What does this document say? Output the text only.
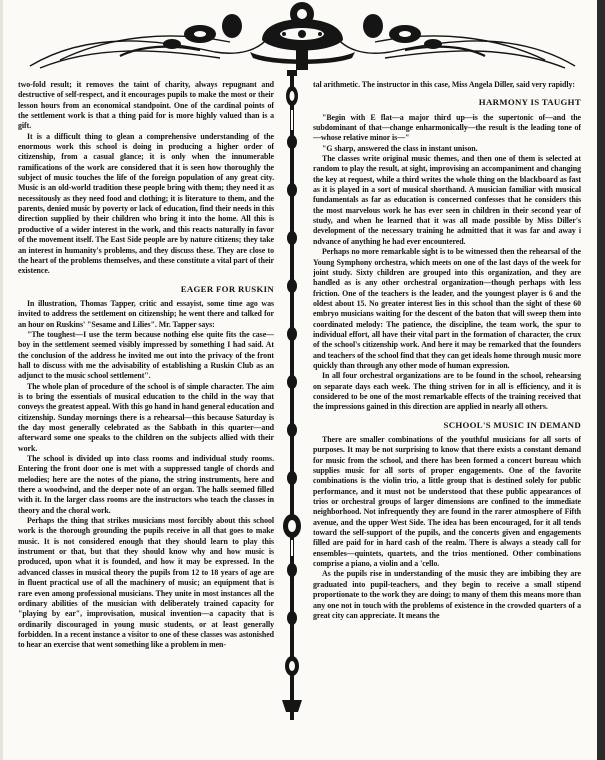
two-fold result; it removes the taint of charity, always repugnant and destructive of self-respect, and it encourages pupils to make the most or their lesson hours from an economical standpoint. One of the cardinal points of the settlement work is that a thing paid for is more highly valued than is a gift.

It is a difficult thing to glean a comprehensive understanding of the enormous work this school is doing in producing a higher order of citizenship, from a casual glance; it is only when the innumerable ramifications of the work are considered that it is seen how thoroughly the subject of music touches the life of the foreign population of any great city. Music is an old-world tradition these people bring with them; they need it as necessitously as they need food and clothing; it is literature to them, and the parents, denied music by poverty or lack of education, find their needs in this direction supplied by their children who bring it into the home. All this is productive of a wider interest in the work, and this reacts naturally in favor of the movement itself. The East Side people are by nature citizens; they take an interest in humanity's problems, and they discuss these. They are close to the heart of the problems themselves, and these constitute a vital part of their existence.

EAGER FOR RUSKIN

In illustration, Thomas Tapper, critic and essayist, some time ago was invited to address the settlement on citizenship; he went there and talked for an hour on Ruskins' "Sesame and Lilies". Mr. Tapper says:

"The toughest—I use the term because nothing else quite fits the case—boy in the settlement seemed visibly impressed by something I had said. At the conclusion of the address he invited me out into the privacy of the front hall to discuss with me the advisability of establishing a Ruskin Club as an adjunct to the music school settlement".

The whole plan of procedure of the school is of simple character. The aim is to bring the essentials of musical education to the child in the way that conveys the greatest appeal. With this go hand in hand general education and citizenship. Sunday mornings there is a rehearsal—this because Saturday is the day most generally celebrated as the Sabbath in this quarter—and afterward some one speaks to the children on the subjects allied with their work.

The school is divided up into class rooms and individual study rooms. Entering the front door one is met with a suppressed tangle of chords and melodies; here are the notes of the piano, the string instruments, here and there a woodwind, and the deeper note of an organ. The halls seemed filled with it. In the larger class rooms are the instructors who teach the classes in theory and the choral work.

Perhaps the thing that strikes musicians most forcibly about this school work is the thorough grounding the pupils receive in all that goes to make music. It is not considered enough that they should learn to play this instrument or that, but that they should know why and how music is produced, upon what it is founded, and how it may be expressed. In the advanced classes in musical theory the pupils from 12 to 18 years of age are in fluent practical use of all the machinery of music; an equipment that is rare even among professional musicians. They unite in most instances all the ordinary abilities of the musician with deliberately trained capacity for "playing by ear", improvisation, musical invention—a capacity that is ordinarily discouraged in young music students, or at least generally forbidden. In a recent instance a visitor to one of these classes was astonished to hear an exercise that went something like a problem in men-

tal arithmetic. The instructor in this case, Miss Angela Diller, said very rapidly:

HARMONY IS TAUGHT

"Begin with E flat—a major third up—is the supertonic of—and the subdominant of that—change enharmonically—the result is the leading tone of—whose relative minor is—"

"G sharp, answered the class in instant unison.

The classes write original music themes, and then one of them is selected at random to play the result, at sight, improvising an accompaniment and changing the key at request, while a third writes the whole thing on the blackboard as fast as it is played in a sort of musical shorthand. A musician familiar with musical fundamentals as far as education is concerned confesses that he considers this the most marvelous work he has ever seen in children in their second year of study, and when he learned that it was all made possible by Miss Diller's development of the necessary training he admitted that it was far and away i ndvance of anything he had ever encountered.

Perhaps no more remarkable sight is to be witnessed then the rehearsal of the Young Symphony orchestra, which meets on one of the last days of the week for joint study. Sixty children are grouped into this organization, and they are handled as is any other orchestral organization—though perhaps with less friction. One of the teachers is the leader, and the youngest player is 6 and the oldest about 15. No greater interest lies in this school than the sight of these 60 embryo musicians waiting for the descent of the baton that will sweep them into coordinated melody: The patience, the discipline, the team work, the spur to individual effort, all have their vital part in the formation of character, the crux of the school's citizenship work. And here it may be remarked that the founders and teachers of the school find that they can get ideals home through music more quickly than through any other mode of human expression.

In all four orchestral organizations are to be found in the school, rehearsing on separate days each week. The thing striven for in all is efficiency, and it is considered to be one of the most remarkable effects of the training received that the impressions gained in this direction are applied in nearly all others.

SCHOOL'S MUSIC IN DEMAND

There are smaller combinations of the youthful musicians for all sorts of purposes. It may be not surprising to know that there exists a constant demand for music from the school, and there has been formed a concert bureau which supplies music for all sorts of proper engagements. One of the favorite combinations is the violin trio, a little group that is destined solely for public performance, and it must not be understood that these public appearances of trios or orchestral groups of larger dimensions are confined to the immediate neighborhood. Not infrequently they are found in the rarer atmosphere of Fifth avenue, and the upper West Side. The idea has been encouraged, for it all tends toward the self-support of the pupils, and the concerts given and engagements filled are paid for in hard cash of the realm. There is always a steady call for ensembles—quintets, quartets, and the trios mentioned. Other combinations comprise a piano, a violin and a 'cello.

As the pupils rise in understanding of the music they are imbibing they are graduated into pupil-teachers, and they begin to receive a small stipend proportionate to the work they are doing; to many of them this means more than any one not in touch with the problems of existence in the crowded quarters of a great city can appreciate. It means the
